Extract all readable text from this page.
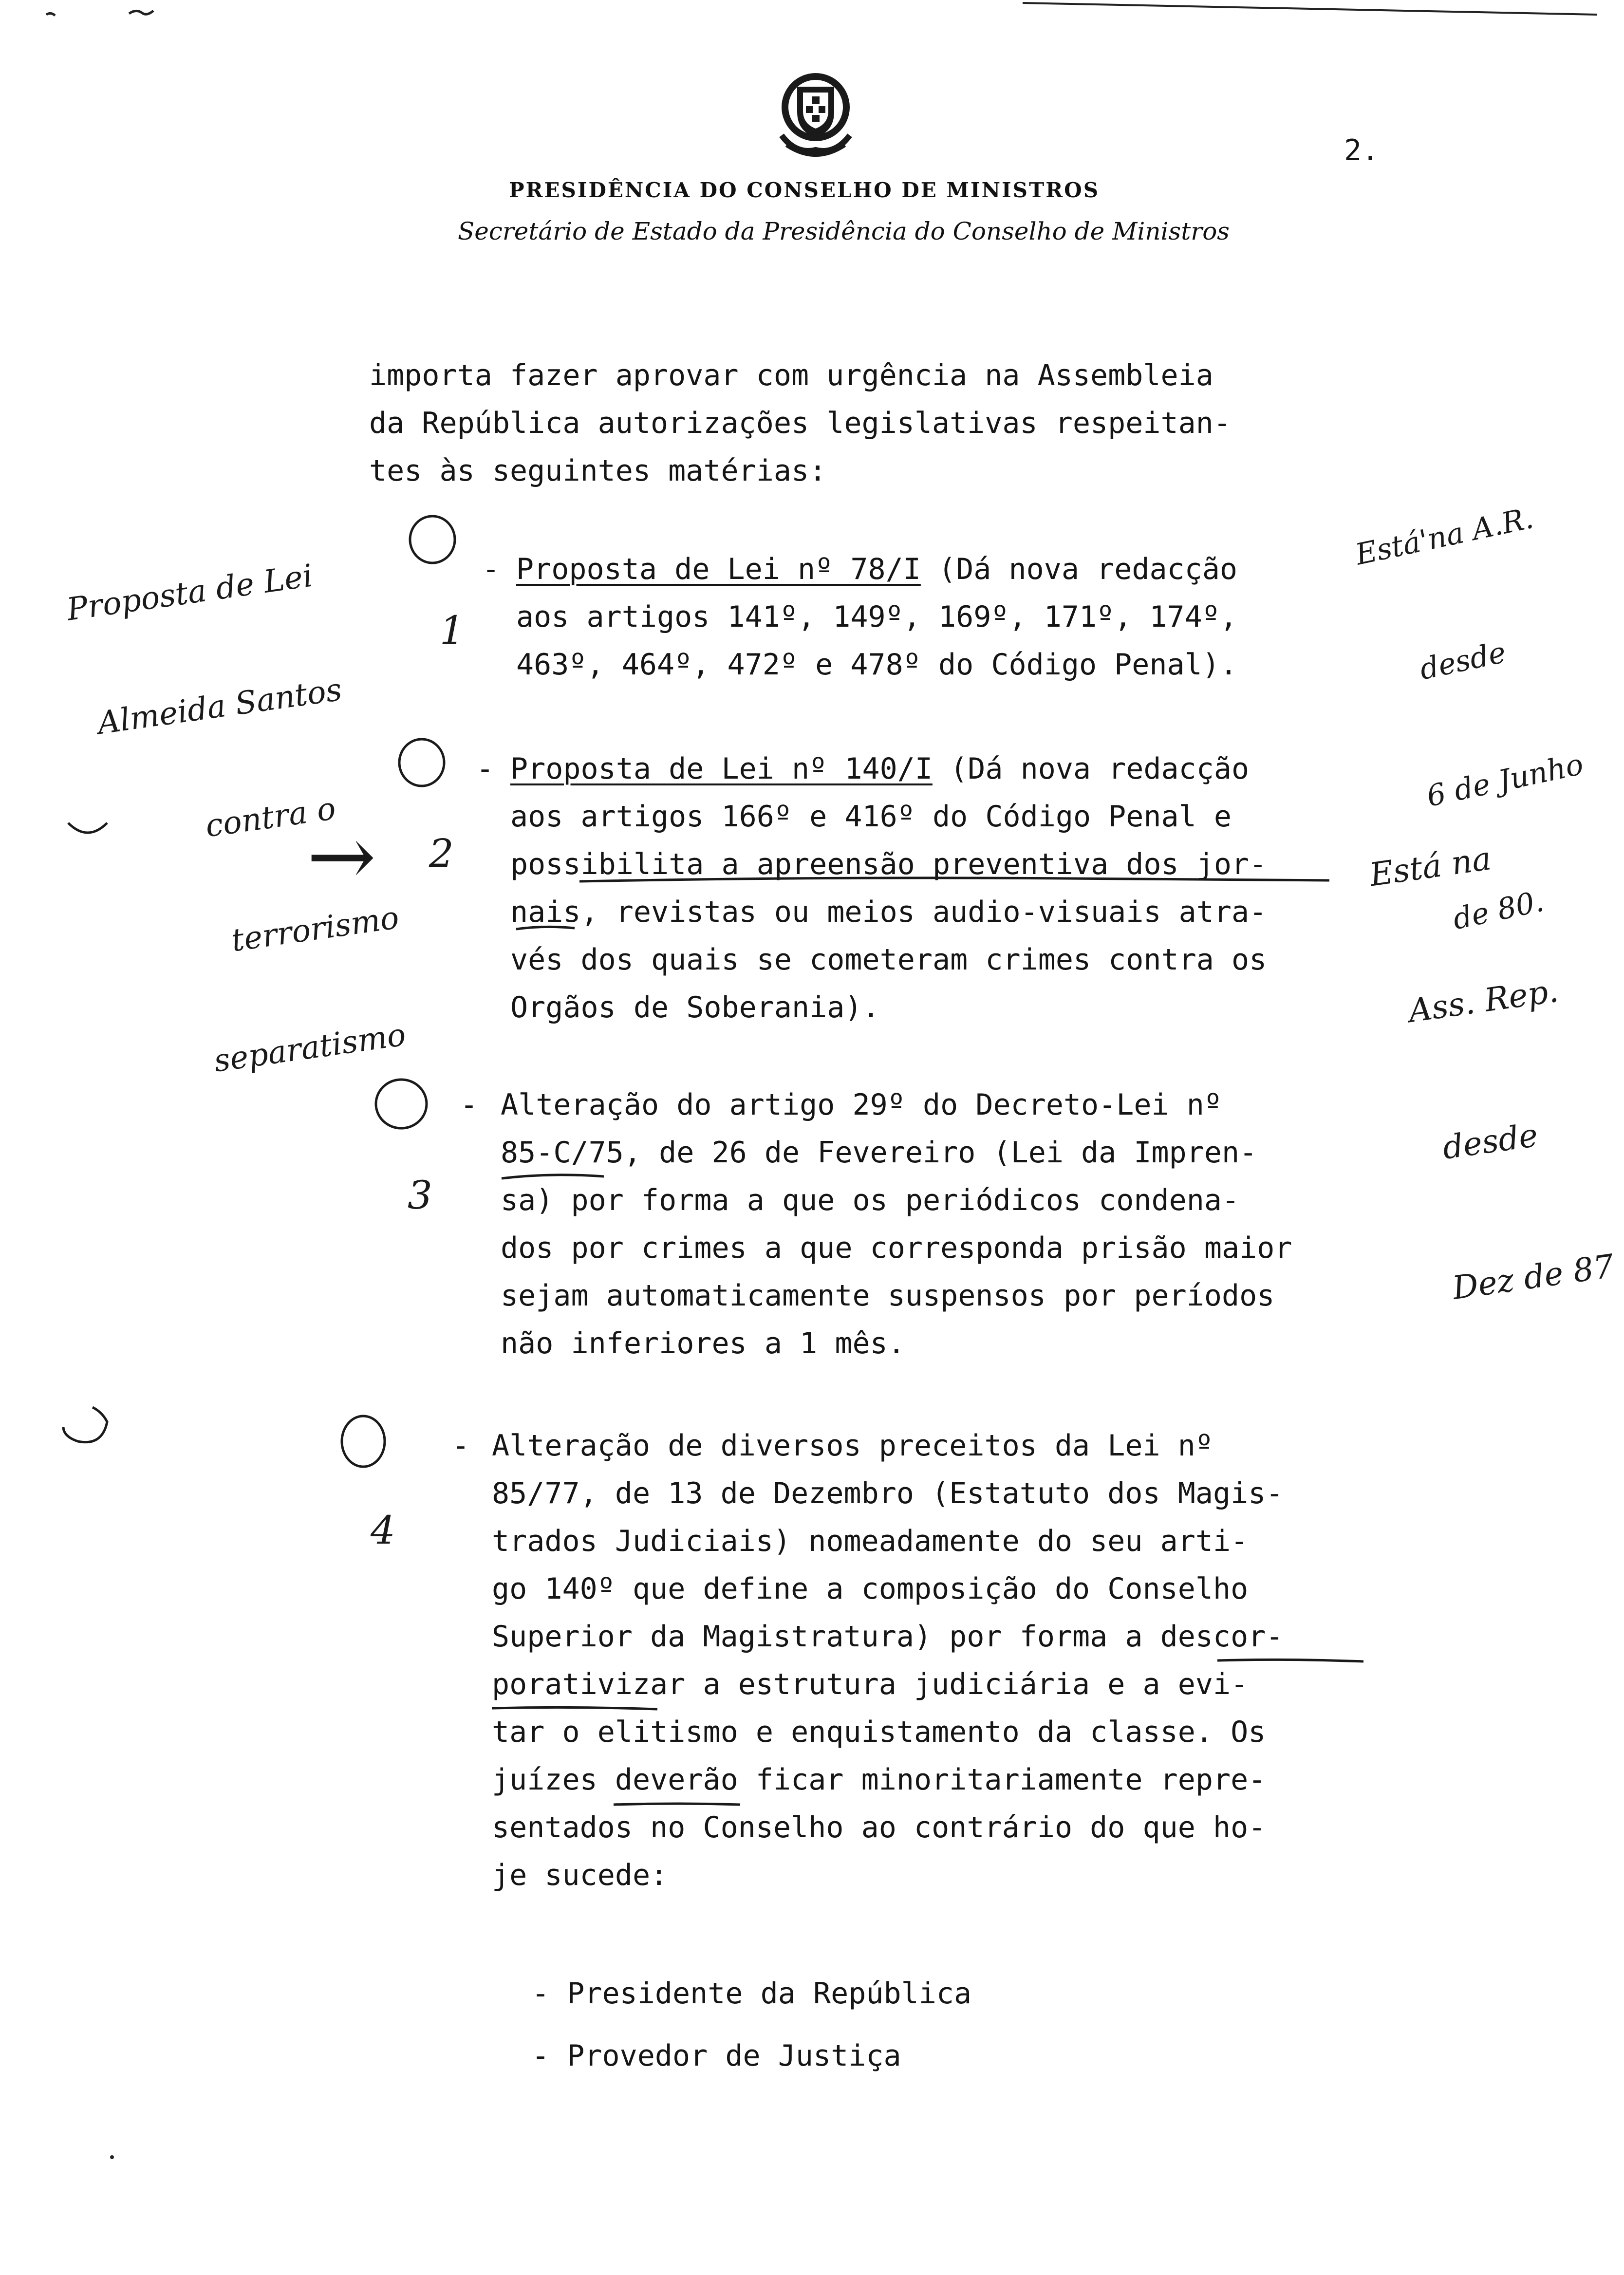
2.
PRESIDÊNCIA DO CONSELHO DE MINISTROS
Secretário de Estado da Presidência do Conselho de Ministros
importa fazer aprovar com urgência na Assembleia
da República autorizações legislativas respeitan-
tes às seguintes matérias:

1

- Proposta de Lei nº 78/I (Dá nova redacção
aos artigos 141º, 149º, 169º, 171º, 174º,
463º, 464º, 472º e 478º do Código Penal).

2

- Proposta de Lei nº 140/I (Dá nova redacção
aos artigos 166º e 416º do Código Penal e
possibilita a apreensão preventiva dos jor-
nais, revistas ou meios audio-visuais atra-
vés dos quais se cometeram crimes contra os
Orgãos de Soberania).
→

3

- Alteração do artigo 29º do Decreto-Lei nº
85-C/75, de 26 de Fevereiro (Lei da Impren-
sa) por forma a que os periódicos condena-
dos por crimes a que corresponda prisão maior
sejam automaticamente suspensos por períodos
não inferiores a 1 mês.

4

- Alteração de diversos preceitos da Lei nº
85/77, de 13 de Dezembro (Estatuto dos Magis-
trados Judiciais) nomeadamente do seu arti-
go 140º que define a composição do Conselho
Superior da Magistratura) por forma a descor-
porativizar a estrutura judiciária e a evi-
tar o elitismo e enquistamento da classe. Os
juízes deverão ficar minoritariamente repre-
sentados no Conselho ao contrário do que ho-
je sucede:
- Presidente da República
- Provedor de Justiça

Proposta de Lei

Almeida Santos

contra o

terrorismo

separatismo

Está'na A.R.

desde

6 de Junho

de 80.

Está na

Ass. Rep.

desde

Dez de 87
